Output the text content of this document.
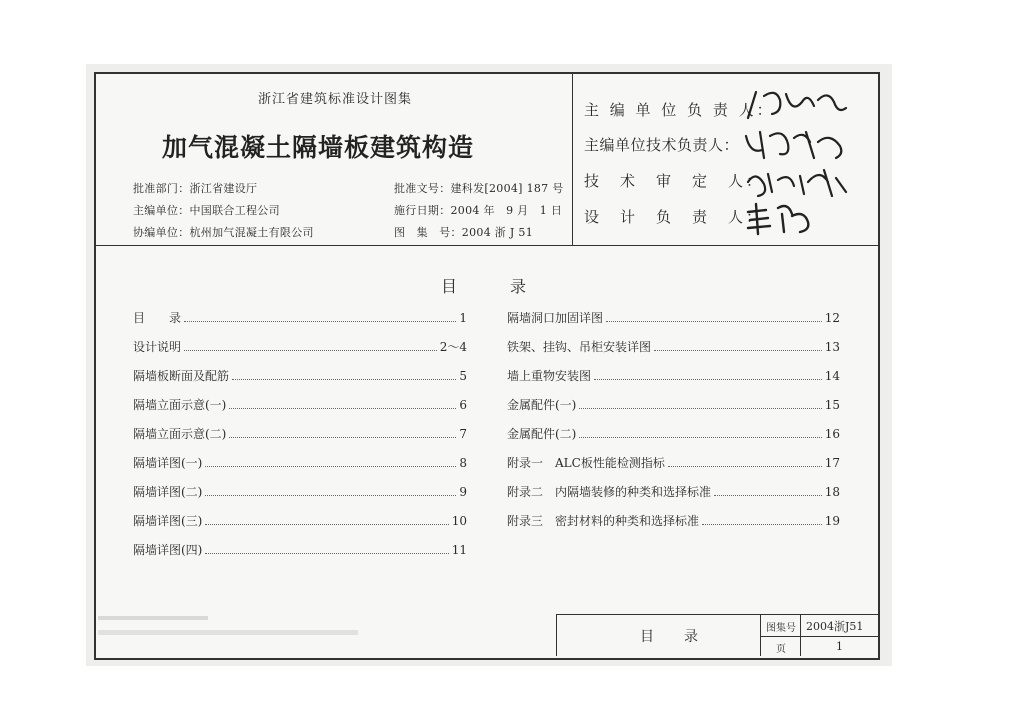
浙江省建筑标准设计图集
加气混凝土隔墙板建筑构造
批准部门：浙江省建设厅
主编单位：中国联合工程公司
协编单位：杭州加气混凝土有限公司
批准文号：建科发[2004] 187 号
施行日期：2004 年　9 月　1 日
图　集　号：2004 浙 J 51
主 编 单 位 负 责 人：
主编单位技术负责人：
技　术　审　定　人：
设　计　负　责　人：
目	录
目　　录	1
设计说明	2～4
隔墙板断面及配筋	5
隔墙立面示意(一)	6
隔墙立面示意(二)	7
隔墙详图(一)	8
隔墙详图(二)	9
隔墙详图(三)	10
隔墙详图(四)	11
隔墙洞口加固详图	12
铁架、挂钩、吊柜安装详图	13
墙上重物安装图	14
金属配件(一)	15
金属配件(二)	16
附录一　ALC板性能检测指标	17
附录二　内隔墙装修的种类和选择标准	18
附录三　密封材料的种类和选择标准	19
目 录
图集号 2004浙J51
页	1
